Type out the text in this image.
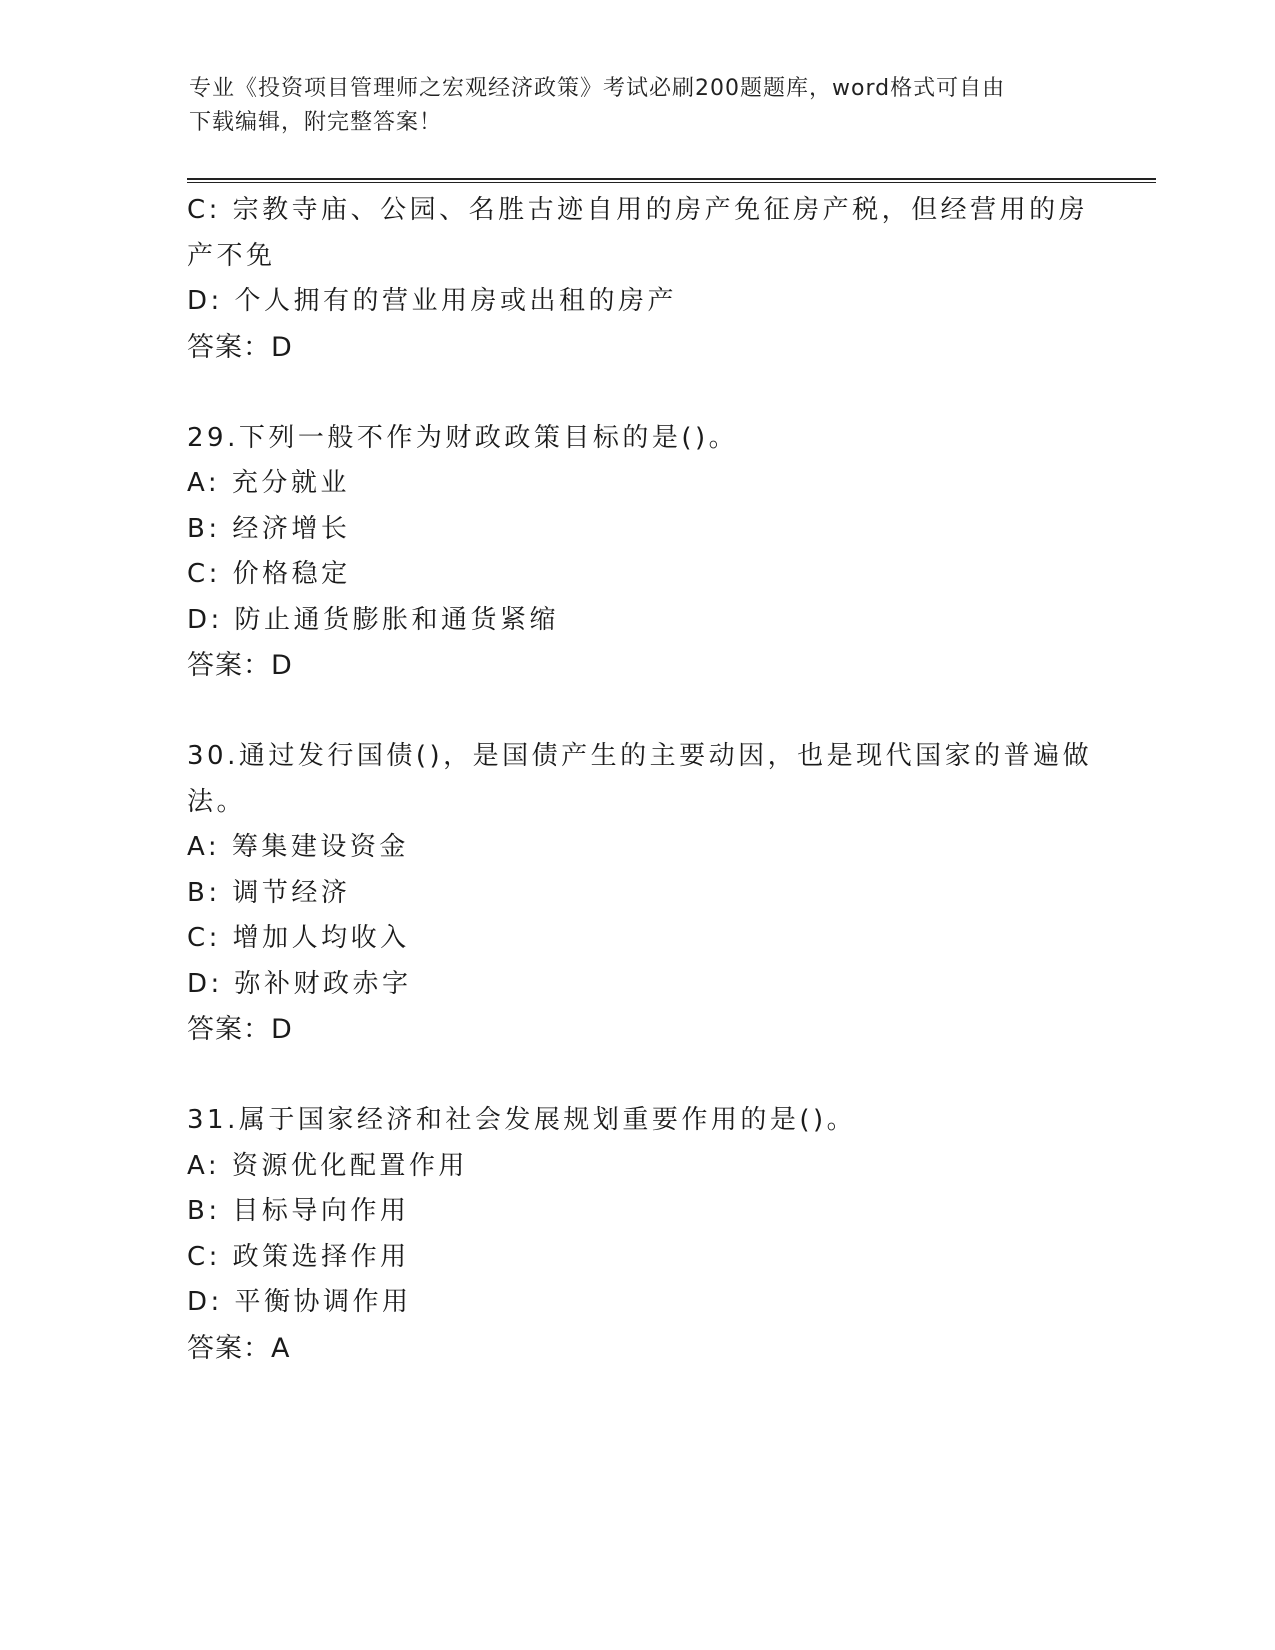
专业《投资项目管理师之宏观经济政策》考试必刷200题题库，word格式可自由
下载编辑，附完整答案！

C: 宗教寺庙、公园、名胜古迹自用的房产免征房产税，但经营用的房

产不免

D: 个人拥有的营业用房或出租的房产

答案：D

29.下列一般不作为财政政策目标的是()。

A: 充分就业

B: 经济增长

C: 价格稳定

D: 防止通货膨胀和通货紧缩

答案：D

30.通过发行国债()，是国债产生的主要动因，也是现代国家的普遍做

法。

A: 筹集建设资金

B: 调节经济

C: 增加人均收入

D: 弥补财政赤字

答案：D

31.属于国家经济和社会发展规划重要作用的是()。

A: 资源优化配置作用

B: 目标导向作用

C: 政策选择作用

D: 平衡协调作用

答案：A
